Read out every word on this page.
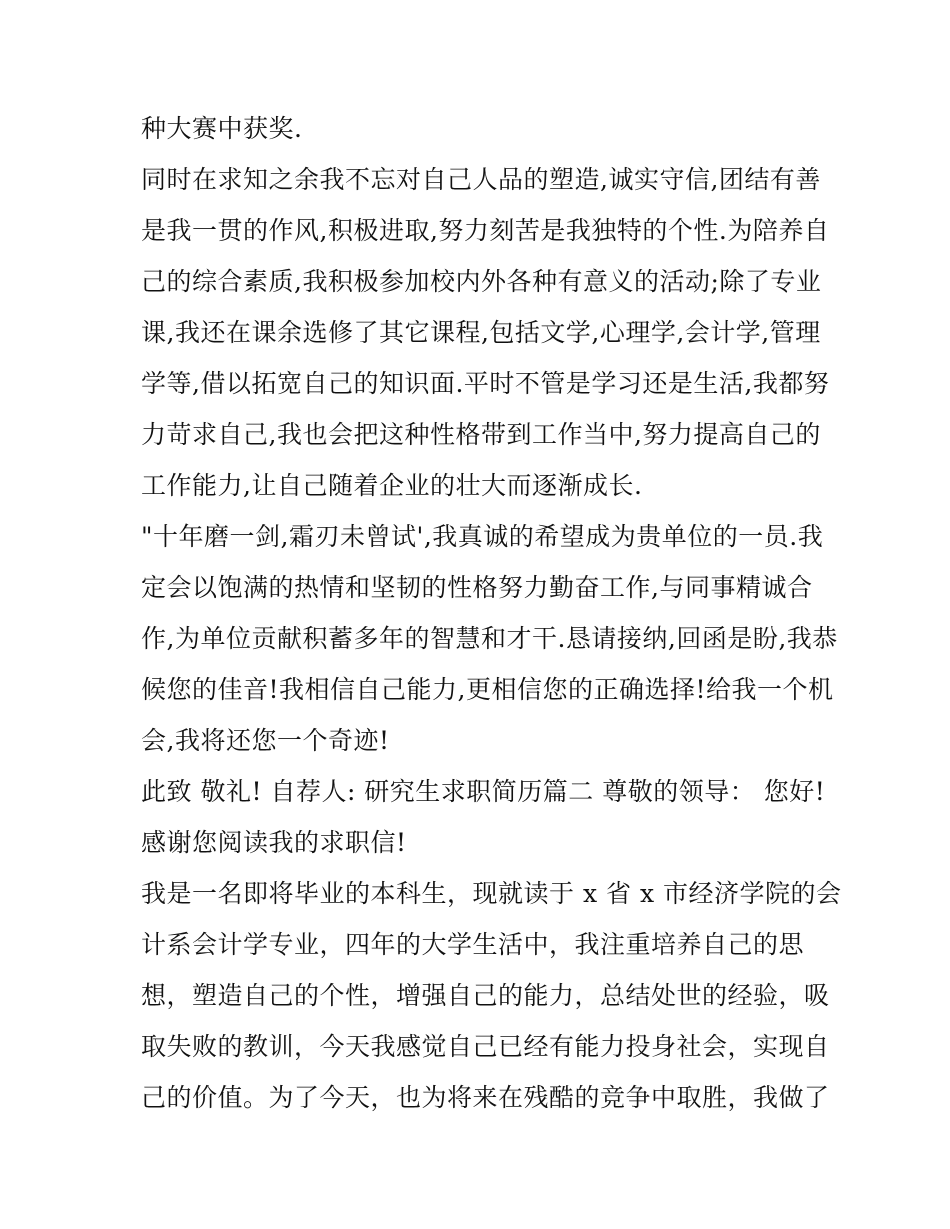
种大赛中获奖.
同时在求知之余我不忘对自己人品的塑造,诚实守信,团结有善
是我一贯的作风,积极进取,努力刻苦是我独特的个性.为陪养自
己的综合素质,我积极参加校内外各种有意义的活动;除了专业
课,我还在课余选修了其它课程,包括文学,心理学,会计学,管理
学等,借以拓宽自己的知识面.平时不管是学习还是生活,我都努
力苛求自己,我也会把这种性格带到工作当中,努力提高自己的
工作能力,让自己随着企业的壮大而逐渐成长.
"十年磨一剑,霜刃未曾试',我真诚的希望成为贵单位的一员.我
定会以饱满的热情和坚韧的性格努力勤奋工作,与同事精诚合
作,为单位贡献积蓄多年的智慧和才干.恳请接纳,回函是盼,我恭
候您的佳音!我相信自己能力,更相信您的正确选择!给我一个机
会,我将还您一个奇迹!
此致 敬礼! 自荐人: 研究生求职简历篇二 尊敬的领导： 您好!
感谢您阅读我的求职信!
我是一名即将毕业的本科生，现就读于 x 省 x 市经济学院的会
计系会计学专业，四年的大学生活中，我注重培养自己的思
想，塑造自己的个性，增强自己的能力，总结处世的经验，吸
取失败的教训，今天我感觉自己已经有能力投身社会，实现自
己的价值。为了今天，也为将来在残酷的竞争中取胜，我做了
